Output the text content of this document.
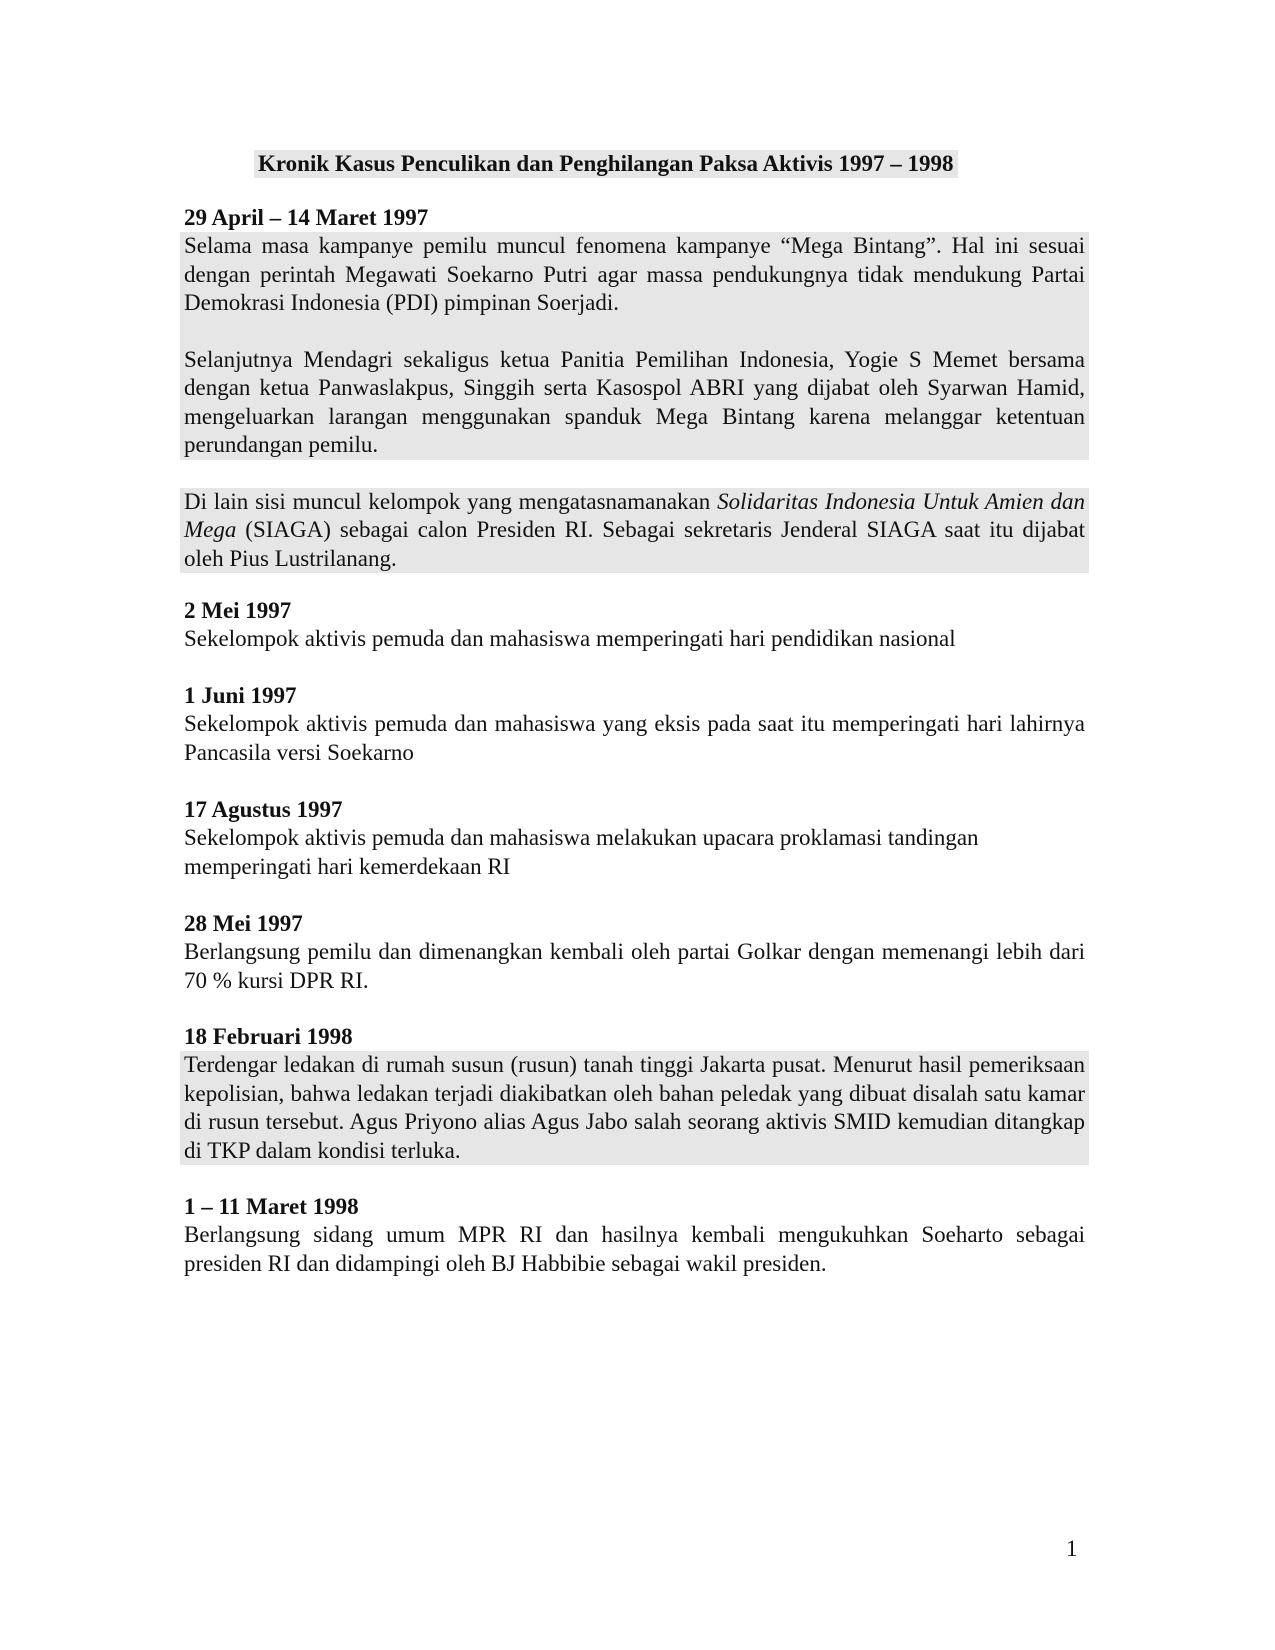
Kronik Kasus Penculikan dan Penghilangan Paksa Aktivis 1997 – 1998
29 April – 14 Maret 1997
Selama masa kampanye pemilu muncul fenomena kampanye “Mega Bintang”. Hal ini sesuai dengan perintah Megawati Soekarno Putri agar massa pendukungnya tidak mendukung Partai Demokrasi Indonesia (PDI) pimpinan Soerjadi.
Selanjutnya Mendagri sekaligus ketua Panitia Pemilihan Indonesia, Yogie S Memet bersama dengan ketua Panwaslakpus, Singgih serta Kasospol ABRI yang dijabat oleh Syarwan Hamid, mengeluarkan larangan menggunakan spanduk Mega Bintang karena melanggar ketentuan perundangan pemilu.
Di lain sisi muncul kelompok yang mengatasnamanakan Solidaritas Indonesia Untuk Amien dan Mega (SIAGA) sebagai calon Presiden RI. Sebagai sekretaris Jenderal SIAGA saat itu dijabat oleh Pius Lustrilanang.
2 Mei 1997
Sekelompok aktivis pemuda dan mahasiswa memperingati hari pendidikan nasional
1 Juni 1997
Sekelompok aktivis pemuda dan mahasiswa yang eksis pada saat itu memperingati hari lahirnya Pancasila versi Soekarno
17 Agustus 1997
Sekelompok aktivis pemuda dan mahasiswa melakukan upacara proklamasi tandingan memperingati hari kemerdekaan RI
28 Mei 1997
Berlangsung pemilu dan dimenangkan kembali oleh partai Golkar dengan memenangi lebih dari 70 % kursi DPR RI.
18 Februari 1998
Terdengar ledakan di rumah susun (rusun) tanah tinggi Jakarta pusat. Menurut hasil pemeriksaan kepolisian, bahwa ledakan terjadi diakibatkan oleh bahan peledak yang dibuat disalah satu kamar di rusun tersebut. Agus Priyono alias Agus Jabo salah seorang aktivis SMID kemudian ditangkap di TKP dalam kondisi terluka.
1 – 11 Maret 1998
Berlangsung sidang umum MPR RI dan hasilnya kembali mengukuhkan Soeharto sebagai presiden RI dan didampingi oleh BJ Habbibie sebagai wakil presiden.
1
